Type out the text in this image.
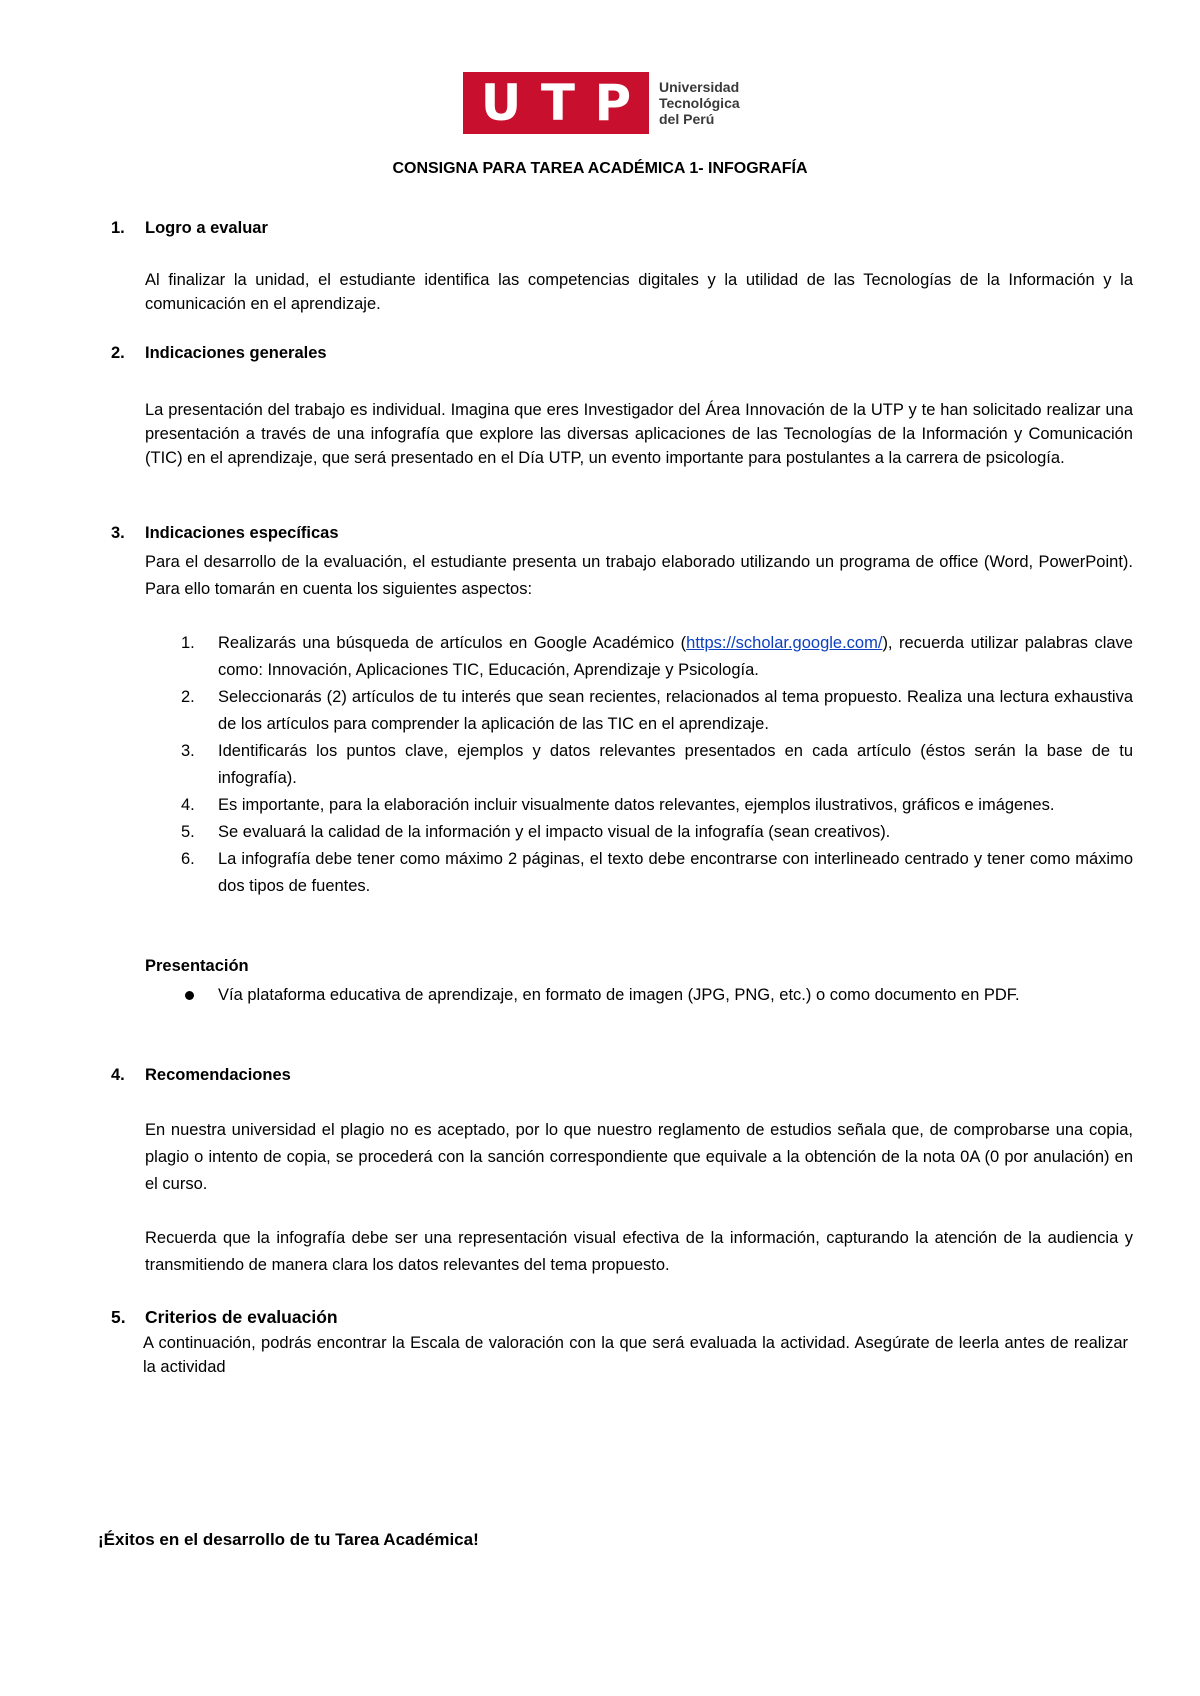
U T P Universidad
Tecnológica
del Perú
CONSIGNA PARA TAREA ACADÉMICA 1- INFOGRAFÍA
1. Logro a evaluar
Al finalizar la unidad, el estudiante identifica las competencias digitales y la utilidad de las Tecnologías de la Información y la comunicación en el aprendizaje.
2. Indicaciones generales
La presentación del trabajo es individual. Imagina que eres Investigador del Área Innovación de la UTP y te han solicitado realizar una presentación a través de una infografía que explore las diversas aplicaciones de las Tecnologías de la Información y Comunicación (TIC) en el aprendizaje, que será presentado en el Día UTP, un evento importante para postulantes a la carrera de psicología.
3. Indicaciones específicas
Para el desarrollo de la evaluación, el estudiante presenta un trabajo elaborado utilizando un programa de office (Word, PowerPoint). Para ello tomarán en cuenta los siguientes aspectos:
1. Realizarás una búsqueda de artículos en Google Académico (https://scholar.google.com/), recuerda utilizar palabras clave como: Innovación, Aplicaciones TIC, Educación, Aprendizaje y Psicología.
2. Seleccionarás (2) artículos de tu interés que sean recientes, relacionados al tema propuesto. Realiza una lectura exhaustiva de los artículos para comprender la aplicación de las TIC en el aprendizaje.
3. Identificarás los puntos clave, ejemplos y datos relevantes presentados en cada artículo (éstos serán la base de tu infografía).
4. Es importante, para la elaboración incluir visualmente datos relevantes, ejemplos ilustrativos, gráficos e imágenes.
5. Se evaluará la calidad de la información y el impacto visual de la infografía (sean creativos).
6. La infografía debe tener como máximo 2 páginas, el texto debe encontrarse con interlineado centrado y tener como máximo dos tipos de fuentes.
Presentación
Vía plataforma educativa de aprendizaje, en formato de imagen (JPG, PNG, etc.) o como documento en PDF.
4. Recomendaciones
En nuestra universidad el plagio no es aceptado, por lo que nuestro reglamento de estudios señala que, de comprobarse una copia, plagio o intento de copia, se procederá con la sanción correspondiente que equivale a la obtención de la nota 0A (0 por anulación) en el curso.
Recuerda que la infografía debe ser una representación visual efectiva de la información, capturando la atención de la audiencia y transmitiendo de manera clara los datos relevantes del tema propuesto.
5. Criterios de evaluación
A continuación, podrás encontrar la Escala de valoración con la que será evaluada la actividad. Asegúrate de leerla antes de realizar la actividad
¡Éxitos en el desarrollo de tu Tarea Académica!
